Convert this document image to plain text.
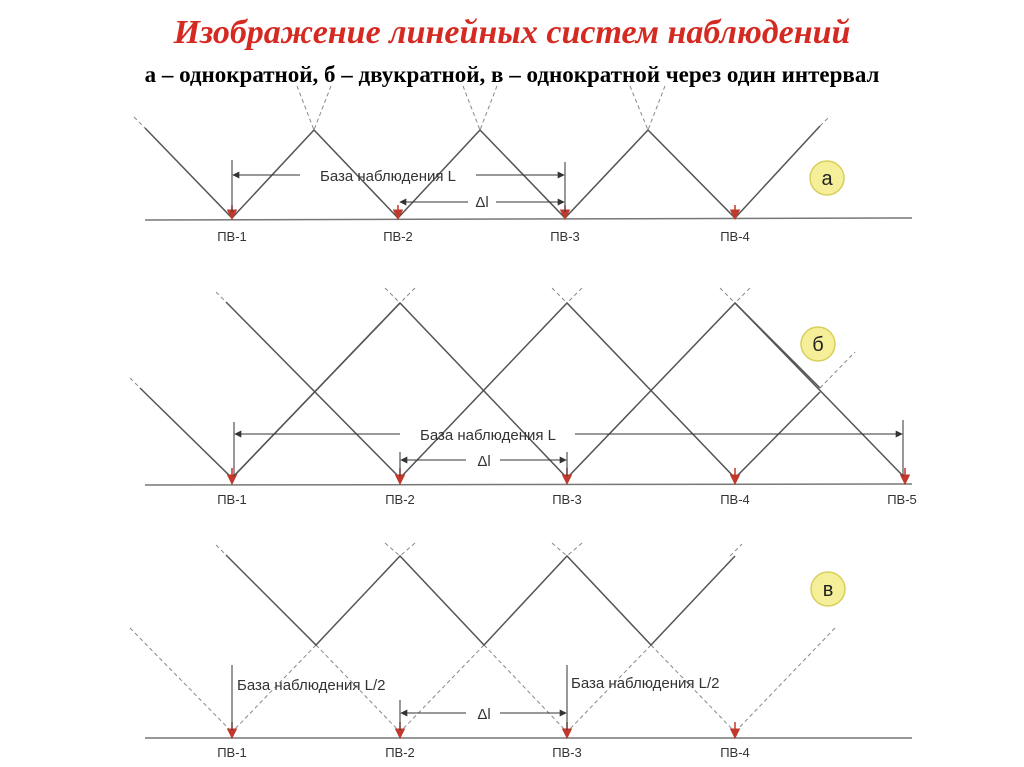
Изображение линейных систем наблюдений
а – однократной, б – двукратной, в – однократной через один интервал
База наблюдения L
Δl
ПВ-1	ПВ-2	ПВ-3	ПВ-4
а
База наблюдения L
Δl
ПВ-1	ПВ-2	ПВ-3	ПВ-4	ПВ-5
б
База наблюдения L/2	База наблюдения L/2
Δl
ПВ-1	ПВ-2	ПВ-3	ПВ-4
в
